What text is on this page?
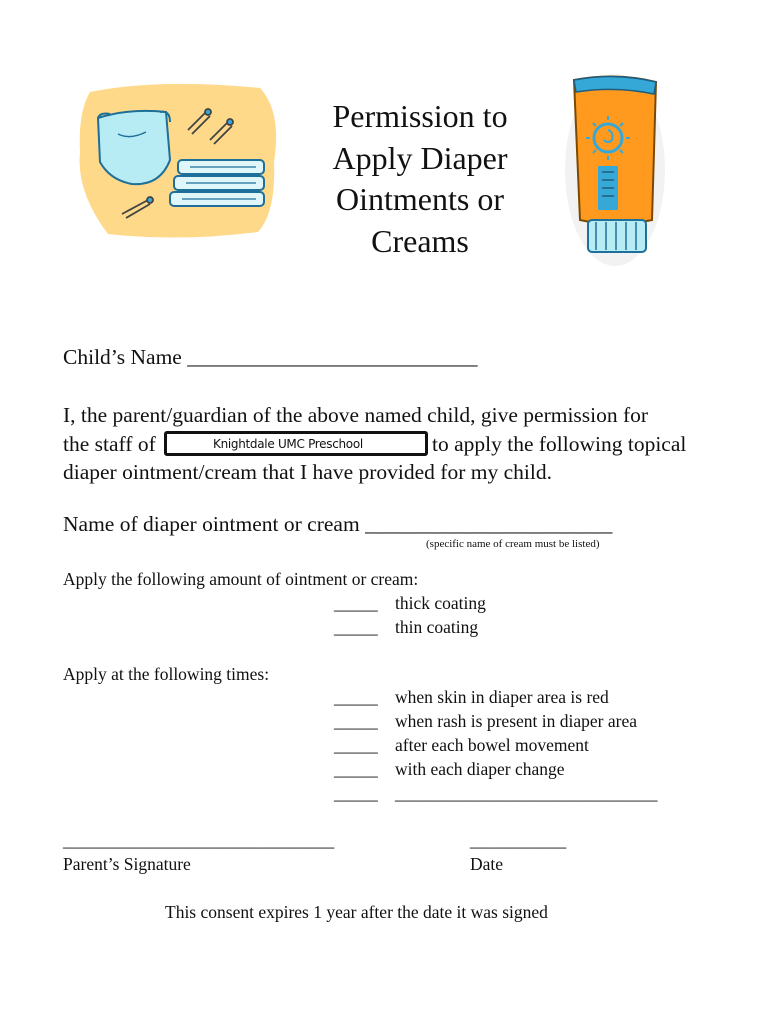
Permission to
Apply Diaper
Ointments or
Creams
Child’s Name ___________________________
I, the parent/guardian of the above named child, give permission for
the staff of	Knightdale UMC Preschool	to apply the following topical
diaper ointment/cream that I have provided for my child.
Name of diaper ointment or cream _______________________
(specific name of cream must be listed)
Apply the following amount of ointment or cream:
_____ thick coating
_____ thin coating
Apply at the following times:
_____ when skin in diaper area is red
_____ when rash is present in diaper area
_____ after each bowel movement
_____ with each diaper change
_____ ______________________________
_______________________________
Parent’s Signature
___________
Date
This consent expires 1 year after the date it was signed
